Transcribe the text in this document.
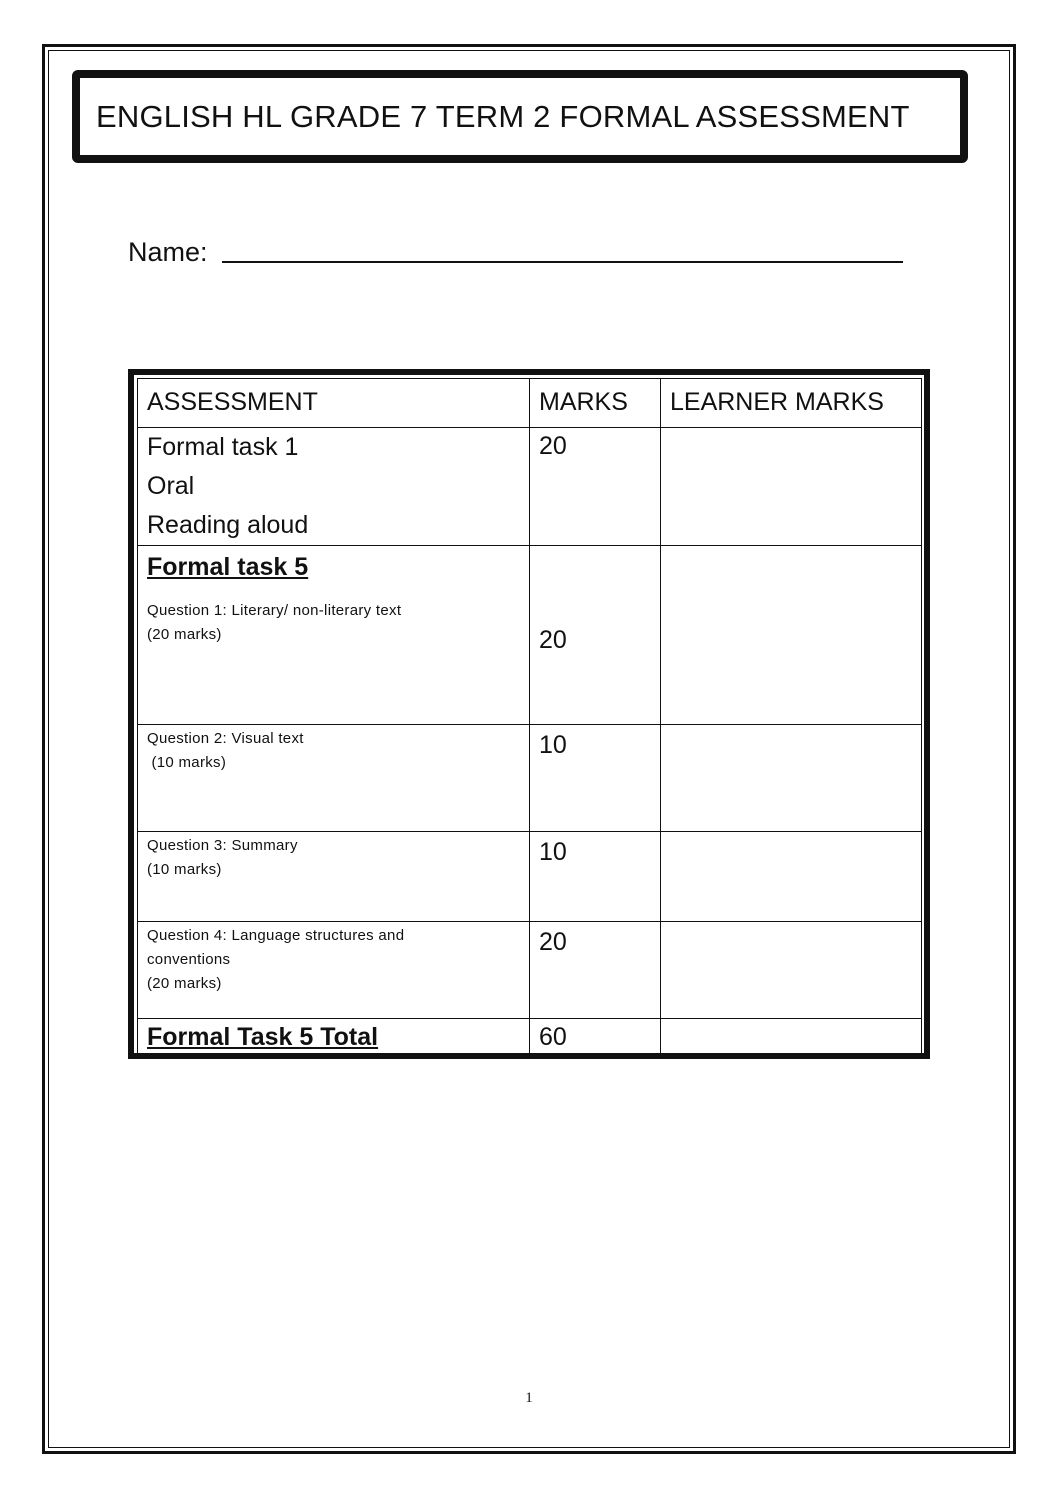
ENGLISH HL GRADE 7 TERM 2 FORMAL ASSESSMENT
Name:
ASSESSMENT	MARKS	LEARNER MARKS

Formal task 1
Oral
Reading aloud	20	

Formal task 5
Question 1: Literary/ non-literary text
(20 marks)	20	

Question 2: Visual text
(10 marks)	10	

Question 3: Summary
(10 marks)	10	

Question 4: Language structures and
conventions
(20 marks)	20	

Formal Task 5 Total	60	

1
